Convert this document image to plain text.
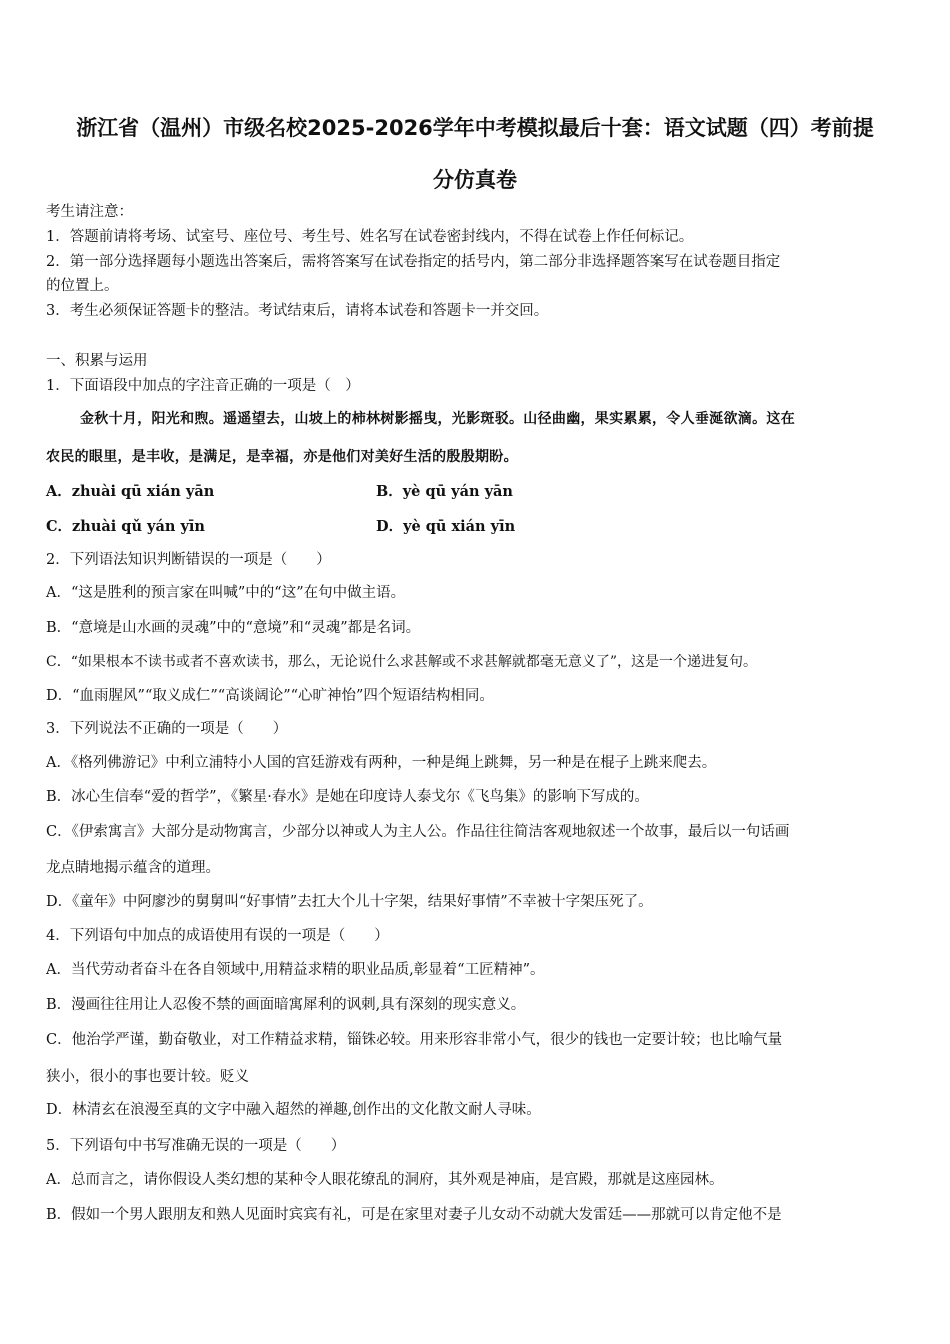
浙江省（温州）市级名校2025-2026学年中考模拟最后十套：语文试题（四）考前提
分仿真卷
考生请注意：
1．答题前请将考场、试室号、座位号、考生号、姓名写在试卷密封线内，不得在试卷上作任何标记。
2．第一部分选择题每小题选出答案后，需将答案写在试卷指定的括号内，第二部分非选择题答案写在试卷题目指定
的位置上。
3．考生必须保证答题卡的整洁。考试结束后，请将本试卷和答题卡一并交回。
一、积累与运用
1．下面语段中加点的字注音正确的一项是（　）
金秋十月，阳光和煦。遥遥望去，山坡上的柿林树影摇曳，光影斑驳。山径曲幽，果实累累，令人垂涎欲滴。这在
农民的眼里，是丰收，是满足，是幸福，亦是他们对美好生活的殷殷期盼。
A．zhuài qū xián yān	B．yè qū yán yān
C．zhuài qǔ yán yīn	D．yè qū xián yīn
2．下列语法知识判断错误的一项是（　　）
A．“这是胜利的预言家在叫喊”中的“这”在句中做主语。
B．“意境是山水画的灵魂”中的“意境”和“灵魂”都是名词。
C．“如果根本不读书或者不喜欢读书，那么，无论说什么求甚解或不求甚解就都毫无意义了”，这是一个递进复句。
D．“血雨腥风”“取义成仁”“高谈阔论”“心旷神怡”四个短语结构相同。
3．下列说法不正确的一项是（　　）
A．《格列佛游记》中利立浦特小人国的宫廷游戏有两种，一种是绳上跳舞，另一种是在棍子上跳来爬去。
B．冰心生信奉“爱的哲学”，《繁星·春水》是她在印度诗人泰戈尔《飞鸟集》的影响下写成的。
C．《伊索寓言》大部分是动物寓言，少部分以神或人为主人公。作品往往简洁客观地叙述一个故事，最后以一句话画
龙点睛地揭示蕴含的道理。
D．《童年》中阿廖沙的舅舅叫“好事情”去扛大个儿十字架，结果好事情”不幸被十字架压死了。
4．下列语句中加点的成语使用有误的一项是（　　）
A．当代劳动者奋斗在各自领域中,用精益求精的职业品质,彰显着“工匠精神”。
B．漫画往往用让人忍俊不禁的画面暗寓犀利的讽刺,具有深刻的现实意义。
C．他治学严谨，勤奋敬业，对工作精益求精，锱铢必较。用来形容非常小气，很少的钱也一定要计较；也比喻气量
狭小，很小的事也要计较。贬义
D．林清玄在浪漫至真的文字中融入超然的禅趣,创作出的文化散文耐人寻味。
5．下列语句中书写准确无误的一项是（　　）
A．总而言之，请你假设人类幻想的某种令人眼花缭乱的洞府，其外观是神庙，是宫殿，那就是这座园林。
B．假如一个男人跟朋友和熟人见面时宾宾有礼，可是在家里对妻子儿女动不动就大发雷廷——那就可以肯定他不是
